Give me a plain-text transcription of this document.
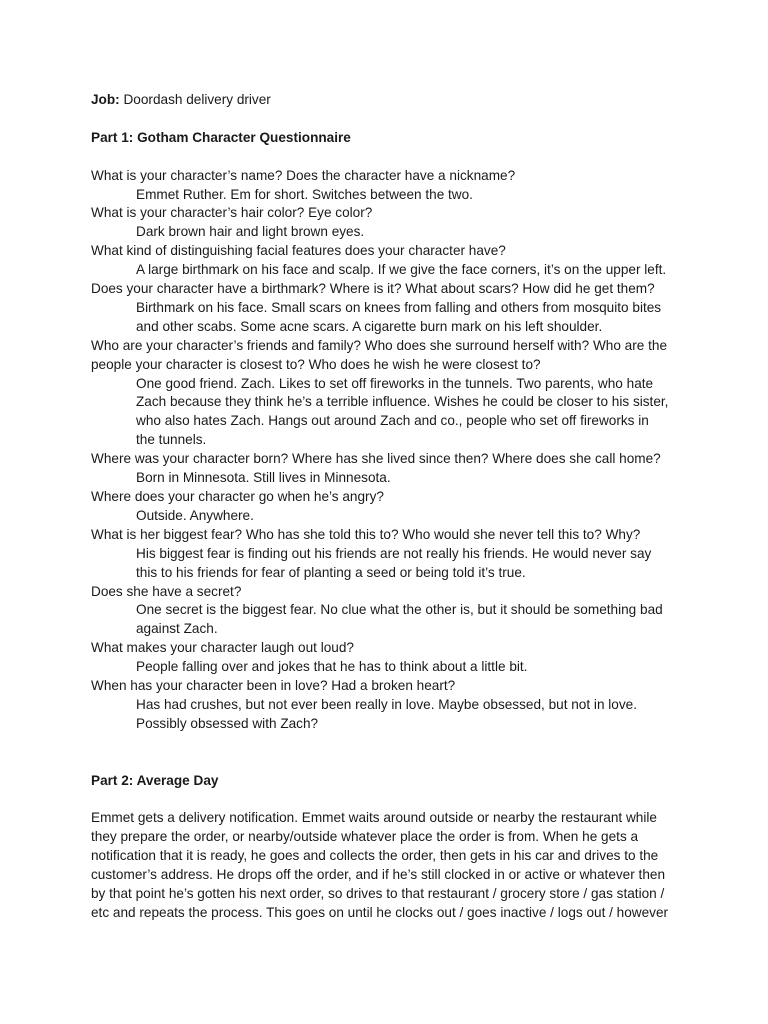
Job: Doordash delivery driver
Part 1: Gotham Character Questionnaire
What is your character’s name? Does the character have a nickname?
Emmet Ruther. Em for short. Switches between the two.
What is your character’s hair color? Eye color?
Dark brown hair and light brown eyes.
What kind of distinguishing facial features does your character have?
A large birthmark on his face and scalp. If we give the face corners, it’s on the upper left.
Does your character have a birthmark? Where is it? What about scars? How did he get them?
Birthmark on his face. Small scars on knees from falling and others from mosquito bites
and other scabs. Some acne scars. A cigarette burn mark on his left shoulder.
Who are your character’s friends and family? Who does she surround herself with? Who are the
people your character is closest to? Who does he wish he were closest to?
One good friend. Zach. Likes to set off fireworks in the tunnels. Two parents, who hate
Zach because they think he’s a terrible influence. Wishes he could be closer to his sister,
who also hates Zach. Hangs out around Zach and co., people who set off fireworks in
the tunnels.
Where was your character born? Where has she lived since then? Where does she call home?
Born in Minnesota. Still lives in Minnesota.
Where does your character go when he’s angry?
Outside. Anywhere.
What is her biggest fear? Who has she told this to? Who would she never tell this to? Why?
His biggest fear is finding out his friends are not really his friends. He would never say
this to his friends for fear of planting a seed or being told it’s true.
Does she have a secret?
One secret is the biggest fear. No clue what the other is, but it should be something bad
against Zach.
What makes your character laugh out loud?
People falling over and jokes that he has to think about a little bit.
When has your character been in love? Had a broken heart?
Has had crushes, but not ever been really in love. Maybe obsessed, but not in love.
Possibly obsessed with Zach?
Part 2: Average Day
Emmet gets a delivery notification. Emmet waits around outside or nearby the restaurant while
they prepare the order, or nearby/outside whatever place the order is from. When he gets a
notification that it is ready, he goes and collects the order, then gets in his car and drives to the
customer’s address. He drops off the order, and if he’s still clocked in or active or whatever then
by that point he’s gotten his next order, so drives to that restaurant / grocery store / gas station /
etc and repeats the process. This goes on until he clocks out / goes inactive / logs out / however
